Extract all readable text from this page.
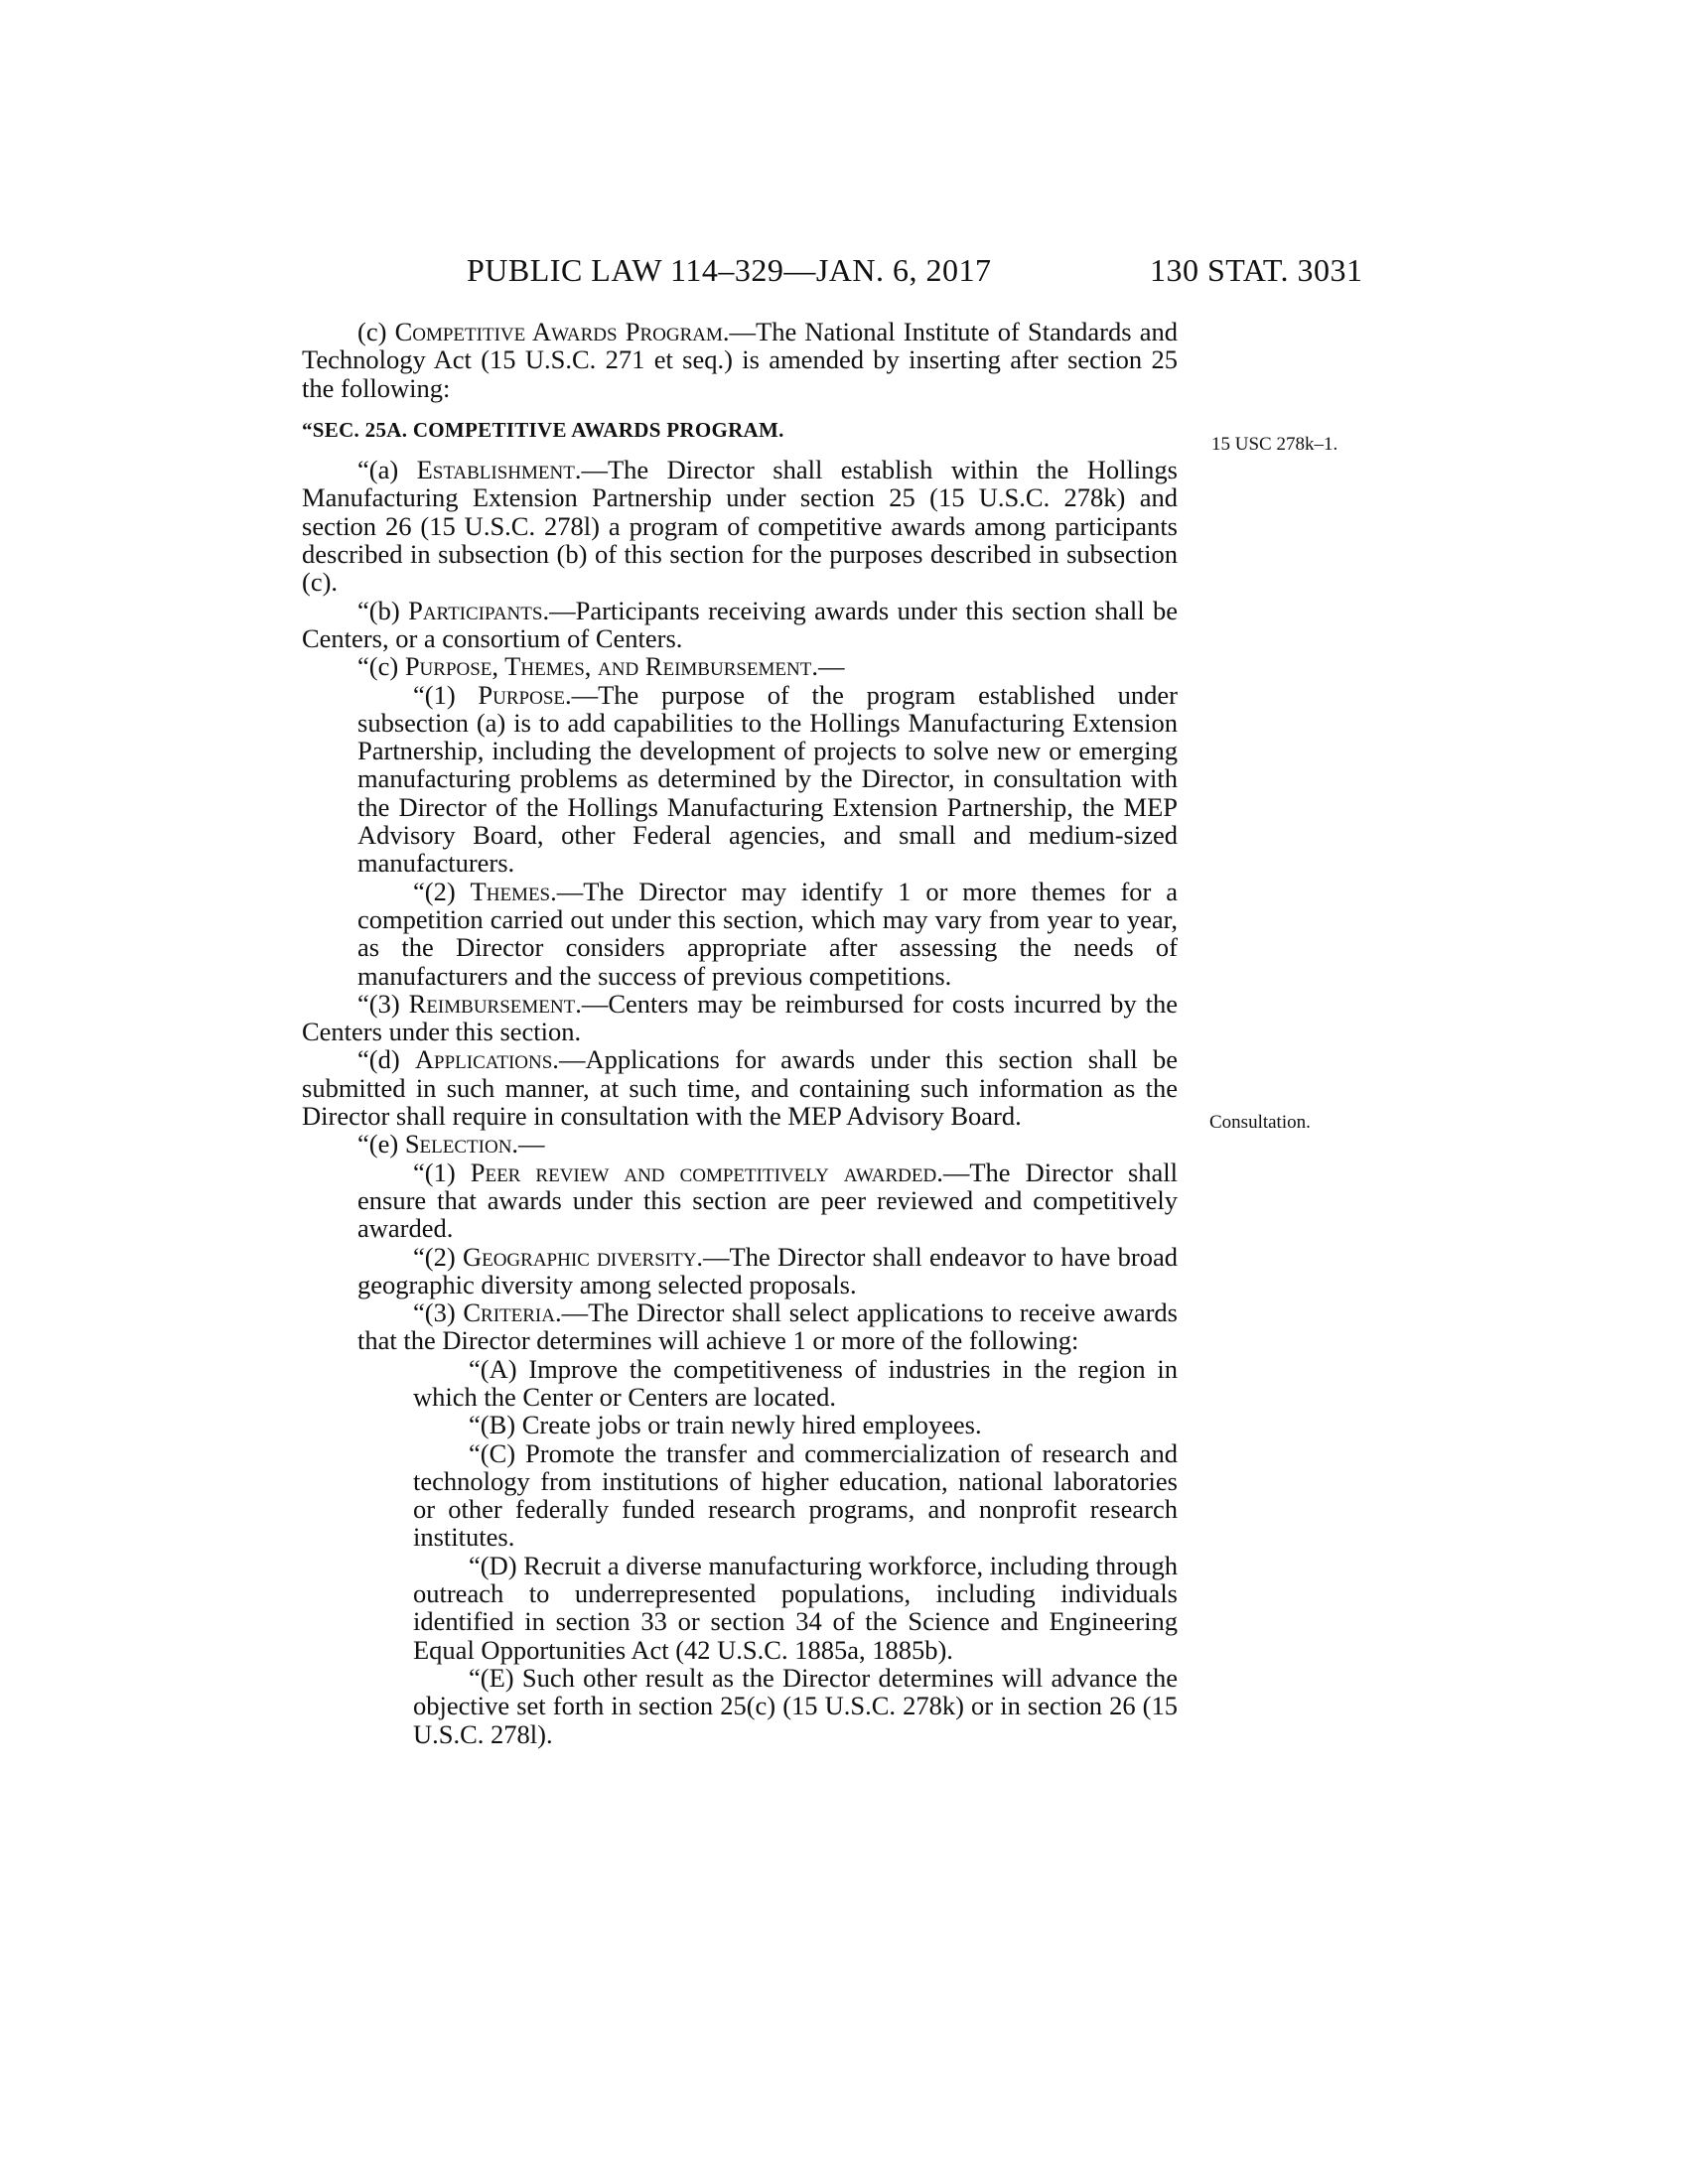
PUBLIC LAW 114–329—JAN. 6, 2017	130 STAT. 3031
15 USC 278k–1.
Consultation.

(c) Competitive Awards Program.—The National Institute of Standards and Technology Act (15 U.S.C. 271 et seq.) is amended by inserting after section 25 the following:

“SEC. 25A. COMPETITIVE AWARDS PROGRAM.

“(a) Establishment.—The Director shall establish within the Hollings Manufacturing Extension Partnership under section 25 (15 U.S.C. 278k) and section 26 (15 U.S.C. 278l) a program of competitive awards among participants described in subsection (b) of this section for the purposes described in subsection (c).

“(b) Participants.—Participants receiving awards under this section shall be Centers, or a consortium of Centers.

“(c) Purpose, Themes, and Reimbursement.—

“(1) Purpose.—The purpose of the program established under subsection (a) is to add capabilities to the Hollings Manufacturing Extension Partnership, including the development of projects to solve new or emerging manufacturing problems as determined by the Director, in consultation with the Director of the Hollings Manufacturing Extension Partnership, the MEP Advisory Board, other Federal agencies, and small and medium-sized manufacturers.

“(2) Themes.—The Director may identify 1 or more themes for a competition carried out under this section, which may vary from year to year, as the Director considers appropriate after assessing the needs of manufacturers and the success of previous competitions.

“(3) Reimbursement.—Centers may be reimbursed for costs incurred by the Centers under this section.

“(d) Applications.—Applications for awards under this section shall be submitted in such manner, at such time, and containing such information as the Director shall require in consultation with the MEP Advisory Board.

“(e) Selection.—

“(1) Peer review and competitively awarded.—The Director shall ensure that awards under this section are peer reviewed and competitively awarded.

“(2) Geographic diversity.—The Director shall endeavor to have broad geographic diversity among selected proposals.

“(3) Criteria.—The Director shall select applications to receive awards that the Director determines will achieve 1 or more of the following:

“(A) Improve the competitiveness of industries in the region in which the Center or Centers are located.

“(B) Create jobs or train newly hired employees.

“(C) Promote the transfer and commercialization of research and technology from institutions of higher education, national laboratories or other federally funded research programs, and nonprofit research institutes.

“(D) Recruit a diverse manufacturing workforce, including through outreach to underrepresented populations, including individuals identified in section 33 or section 34 of the Science and Engineering Equal Opportunities Act (42 U.S.C. 1885a, 1885b).

“(E) Such other result as the Director determines will advance the objective set forth in section 25(c) (15 U.S.C. 278k) or in section 26 (15 U.S.C. 278l).
